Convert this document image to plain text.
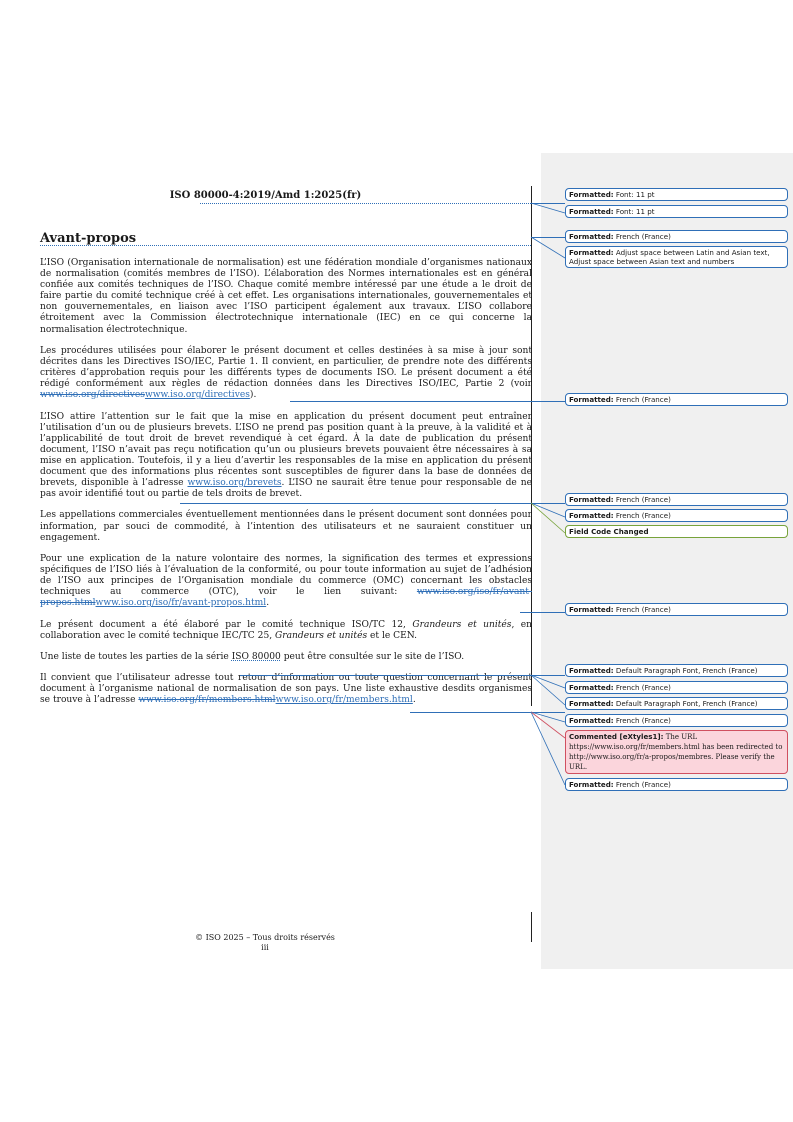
ISO 80000-4:2019/Amd 1:2025(fr)
Avant-propos

L’ISO (Organisation internationale de normalisation) est une fédération mondiale d’organismes nationaux de normalisation (comités membres de l’ISO). L’élaboration des Normes internationales est en général confiée aux comités techniques de l’ISO. Chaque comité membre intéressé par une étude a le droit de faire partie du comité technique créé à cet effet. Les organisations internationales, gouvernementales et non gouvernementales, en liaison avec l’ISO participent également aux travaux. L’ISO collabore étroitement avec la Commission électrotechnique internationale (IEC) en ce qui concerne la normalisation électrotechnique.

Les procédures utilisées pour élaborer le présent document et celles destinées à sa mise à jour sont décrites dans les Directives ISO/IEC, Partie 1. Il convient, en particulier, de prendre note des différents critères d’approbation requis pour les différents types de documents ISO. Le présent document a été rédigé conformément aux règles de rédaction données dans les Directives ISO/IEC, Partie 2 (voir www.iso.org/directiveswww.iso.org/directives).

L’ISO attire l’attention sur le fait que la mise en application du présent document peut entraîner l’utilisation d’un ou de plusieurs brevets. L’ISO ne prend pas position quant à la preuve, à la validité et à l’applicabilité de tout droit de brevet revendiqué à cet égard. À la date de publication du présent document, l’ISO n’avait pas reçu notification qu’un ou plusieurs brevets pouvaient être nécessaires à sa mise en application. Toutefois, il y a lieu d’avertir les responsables de la mise en application du présent document que des informations plus récentes sont susceptibles de figurer dans la base de données de brevets, disponible à l’adresse www.iso.org/brevets. L’ISO ne saurait être tenue pour responsable de ne pas avoir identifié tout ou partie de tels droits de brevet.

Les appellations commerciales éventuellement mentionnées dans le présent document sont données pour information, par souci de commodité, à l’intention des utilisateurs et ne sauraient constituer un engagement.

Pour une explication de la nature volontaire des normes, la signification des termes et expressions spécifiques de l’ISO liés à l’évaluation de la conformité, ou pour toute information au sujet de l’adhésion de l’ISO aux principes de l’Organisation mondiale du commerce (OMC) concernant les obstacles techniques au commerce (OTC), voir le lien suivant: www.iso.org/iso/fr/avant-propos.htmlwww.iso.org/iso/fr/avant-propos.html.

Le présent document a été élaboré par le comité technique ISO/TC 12, Grandeurs et unités, en collaboration avec le comité technique IEC/TC 25, Grandeurs et unités et le CEN.

Une liste de toutes les parties de la série ISO 80000 peut être consultée sur le site de l’ISO.

Il convient que l’utilisateur adresse tout retour d’information ou toute question concernant le présent document à l’organisme national de normalisation de son pays. Une liste exhaustive desdits organismes se trouve à l’adresse www.iso.org/fr/members.htmlwww.iso.org/fr/members.html.

© ISO 2025 – Tous droits réservés
iii
Formatted: Font: 11 pt
Formatted: Font: 11 pt
Formatted: French (France)
Formatted: Adjust space between Latin and Asian text, Adjust space between Asian text and numbers
Formatted: French (France)
Formatted: French (France)
Formatted: French (France)
Field Code Changed
Formatted: French (France)
Formatted: Default Paragraph Font, French (France)
Formatted: French (France)
Formatted: Default Paragraph Font, French (France)
Formatted: French (France)
Commented [eXtyles1]: The URL https://www.iso.org/fr/members.html has been redirected to http://www.iso.org/fr/a-propos/membres. Please verify the URL.
Formatted: French (France)
